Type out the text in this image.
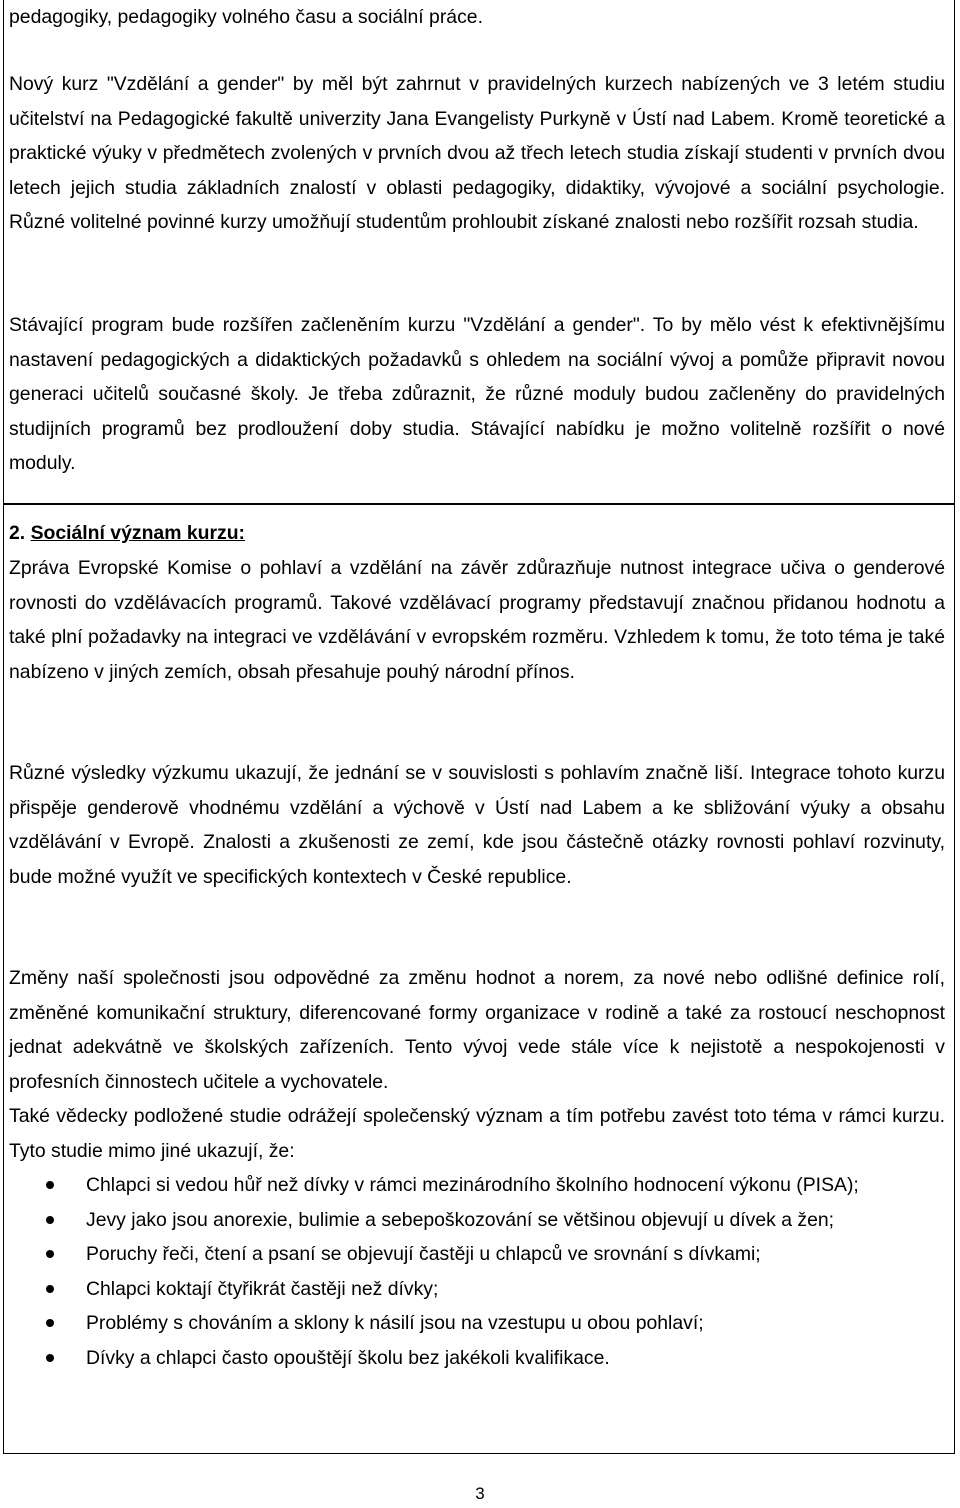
pedagogiky, pedagogiky volného času a sociální práce.

Nový kurz "Vzdělání a gender" by měl být zahrnut v pravidelných kurzech nabízených ve 3 letém studiu učitelství na Pedagogické fakultě univerzity Jana Evangelisty Purkyně v Ústí nad Labem. Kromě teoretické a praktické výuky v předmětech zvolených v prvních dvou až třech letech studia získají studenti v prvních dvou letech jejich studia základních znalostí v oblasti pedagogiky, didaktiky, vývojové a sociální psychologie. Různé volitelné povinné kurzy umožňují studentům prohloubit získané znalosti nebo rozšířit rozsah studia.

Stávající program bude rozšířen začleněním kurzu "Vzdělání a gender". To by mělo vést k efektivnějšímu nastavení pedagogických a didaktických požadavků s ohledem na sociální vývoj a pomůže připravit novou generaci učitelů současné školy. Je třeba zdůraznit, že různé moduly budou začleněny do pravidelných studijních programů bez prodloužení doby studia. Stávající nabídku je možno volitelně rozšířit o nové moduly.

2. Sociální význam kurzu:

Zpráva Evropské Komise o pohlaví a vzdělání na závěr zdůrazňuje nutnost integrace učiva o genderové rovnosti do vzdělávacích programů. Takové vzdělávací programy představují značnou přidanou hodnotu a také plní požadavky na integraci ve vzdělávání v evropském rozměru. Vzhledem k tomu, že toto téma je také nabízeno v jiných zemích, obsah přesahuje pouhý národní přínos.

Různé výsledky výzkumu ukazují, že jednání se v souvislosti s pohlavím značně liší. Integrace tohoto kurzu přispěje genderově vhodnému vzdělání a výchově v Ústí nad Labem a ke sbližování výuky a obsahu vzdělávání v Evropě. Znalosti a zkušenosti ze zemí, kde jsou částečně otázky rovnosti pohlaví rozvinuty, bude možné využít ve specifických kontextech v České republice.

Změny naší společnosti jsou odpovědné za změnu hodnot a norem, za nové nebo odlišné definice rolí, změněné komunikační struktury, diferencované formy organizace v rodině a také za rostoucí neschopnost jednat adekvátně ve školských zařízeních. Tento vývoj vede stále více k nejistotě a nespokojenosti v profesních činnostech učitele a vychovatele.

Také vědecky podložené studie odrážejí společenský význam a tím potřebu zavést toto téma v rámci kurzu. Tyto studie mimo jiné ukazují, že:

Chlapci si vedou hůř než dívky v rámci mezinárodního školního hodnocení výkonu (PISA);
Jevy jako jsou anorexie, bulimie a sebepoškozování se většinou objevují u dívek a žen;
Poruchy řeči, čtení a psaní se objevují častěji u chlapců ve srovnání s dívkami;
Chlapci koktají čtyřikrát častěji než dívky;
Problémy s chováním a sklony k násilí jsou na vzestupu u obou pohlaví;
Dívky a chlapci často opouštějí školu bez jakékoli kvalifikace.
3
